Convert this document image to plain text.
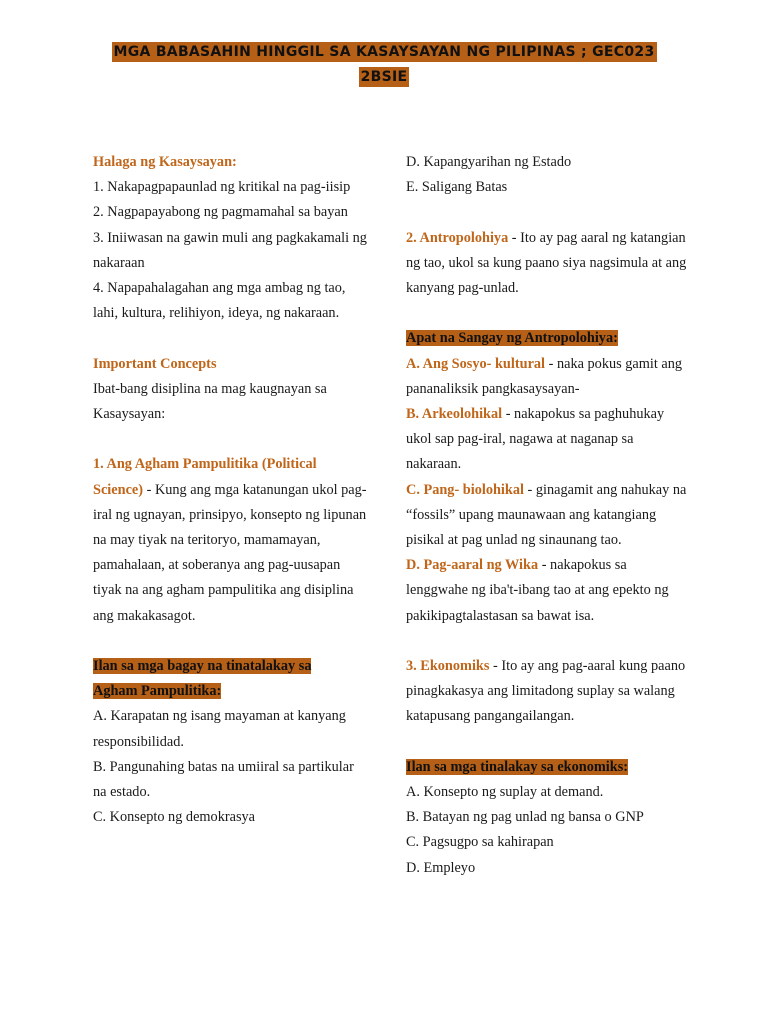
MGA BABASAHIN HINGGIL SA KASAYSAYAN NG PILIPINAS ; GEC023
2BSIE

Halaga ng Kasaysayan:

1. Nakapagpapaunlad ng kritikal na pag-iisip

2. Nagpapayabong ng pagmamahal sa bayan

3. Iniiwasan na gawin muli ang pagkakamali ng nakaraan

4. Napapahalagahan ang mga ambag ng tao, lahi, kultura, relihiyon, ideya, ng nakaraan.

Important Concepts

Ibat-bang disiplina na mag kaugnayan sa Kasaysayan:

1. Ang Agham Pampulitika (Political Science) - Kung ang mga katanungan ukol pag-iral ng ugnayan, prinsipyo, konsepto ng lipunan na may tiyak na teritoryo, mamamayan, pamahalaan, at soberanya ang pag-uusapan tiyak na ang agham pampulitika ang disiplina ang makakasagot.

Ilan sa mga bagay na tinatalakay sa
Agham Pampulitika:

A. Karapatan ng isang mayaman at kanyang responsibilidad.

B. Pangunahing batas na umiiral sa partikular na estado.

C. Konsepto ng demokrasya

D. Kapangyarihan ng Estado

E. Saligang Batas

2. Antropolohiya - Ito ay pag aaral ng katangian ng tao, ukol sa kung paano siya nagsimula at ang kanyang pag-unlad.

Apat na Sangay ng Antropolohiya:

A. Ang Sosyo- kultural - naka pokus gamit ang pananaliksik pangkasaysayan-

B. Arkeolohikal - nakapokus sa paghuhukay ukol sap pag-iral, nagawa at naganap sa nakaraan.

C. Pang- biolohikal - ginagamit ang nahukay na “fossils” upang maunawaan ang katangiang pisikal at pag unlad ng sinaunang tao.

D. Pag-aaral ng Wika - nakapokus sa lenggwahe ng iba't-ibang tao at ang epekto ng

pakikipagtalastasan sa bawat isa.

3. Ekonomiks - Ito ay ang pag-aaral kung paano pinagkakasya ang limitadong suplay sa walang katapusang pangangailangan.

Ilan sa mga tinalakay sa ekonomiks:

A. Konsepto ng suplay at demand.

B. Batayan ng pag unlad ng bansa o GNP

C. Pagsugpo sa kahirapan

D. Empleyo
